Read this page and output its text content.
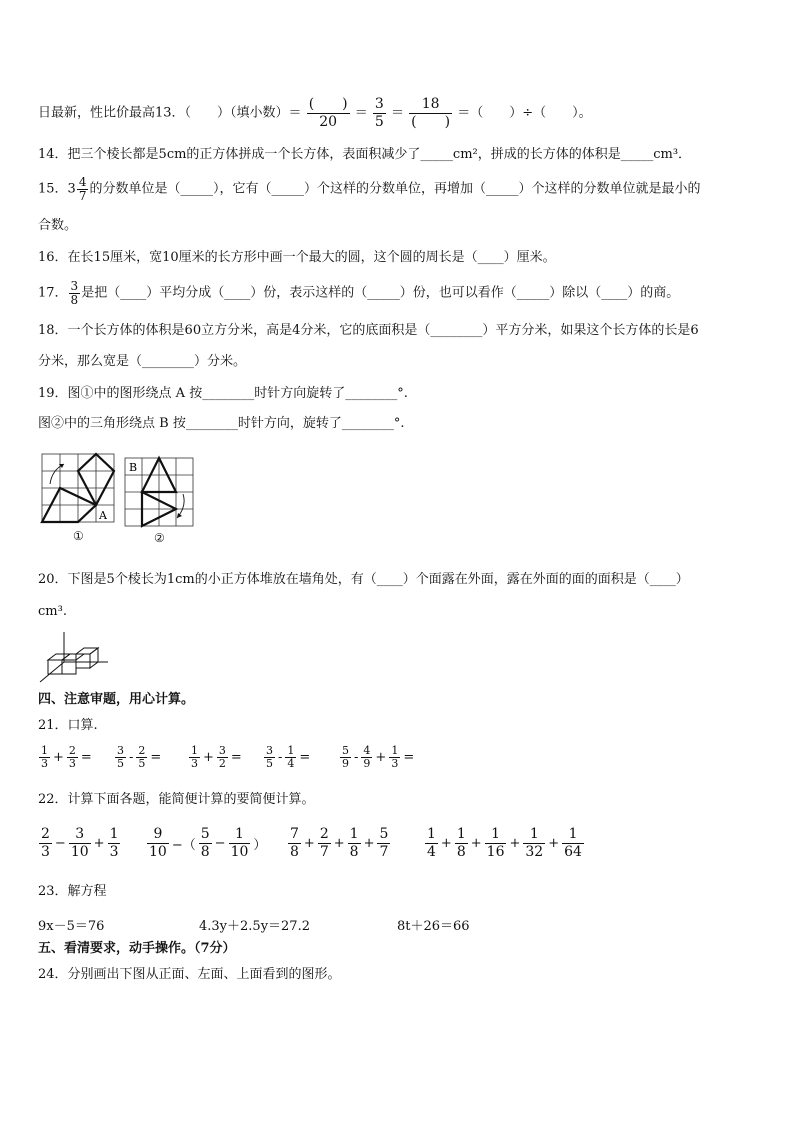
日最新，性比价最高13．（　　）（填小数）＝ $\frac{( )}{20} = \frac{3}{5} = \frac{18}{( )}$ ＝（　　）÷（　　）。
14．把三个棱长都是5cm的正方体拼成一个长方体，表面积减少了_____cm²，拼成的长方体的体积是_____cm³．
15．$3 \frac{4}{7}$ 的分数单位是（_____），它有（_____）个这样的分数单位，再增加（_____）个这样的分数单位就是最小的
合数。
16．在长15厘米，宽10厘米的长方形中画一个最大的圆，这个圆的周长是（____）厘米。
17． $\frac{3}{8}$ 是把（____）平均分成（____）份，表示这样的（_____）份，也可以看作（_____）除以（____）的商。
18．一个长方体的体积是60立方分米，高是4分米，它的底面积是（________）平方分米，如果这个长方体的长是6
分米，那么宽是（________）分米。
19．图①中的图形绕点 A 按________时针方向旋转了________°.
图②中的三角形绕点 B 按________时针方向，旋转了________°.
A
①
B
②
20．下图是5个棱长为1cm的小正方体堆放在墙角处，有（____）个面露在外面，露在外面的面的面积是（____）
cm³.
四、注意审题，用心计算。
21．口算.
$\frac{1}{3} + \frac{2}{3} = \frac{3}{5} - \frac{2}{5}$ =	$\frac{1}{3} + \frac{3}{2} = \frac{3}{5} - \frac{1}{4}$ =	$\frac{5}{9} - \frac{4}{9} + \frac{1}{3}$ =
22．计算下面各题，能简便计算的要简便计算。
$\frac{2}{3} - \frac{3}{10} + \frac{1}{3} \frac{9}{10}$ −（ $\frac{5}{8} - \frac{1}{10}$ ） $\frac{7}{8} + \frac{2}{7} + \frac{1}{8} + \frac{5}{7} \frac{1}{4} + \frac{1}{8} + \frac{1}{16} + \frac{1}{32} + \frac{1}{64}$
23．解方程
9x－5＝76	4.3y＋2.5y＝27.2	8t＋26＝66
五、看清要求，动手操作。（7分）
24．分别画出下图从正面、左面、上面看到的图形。
